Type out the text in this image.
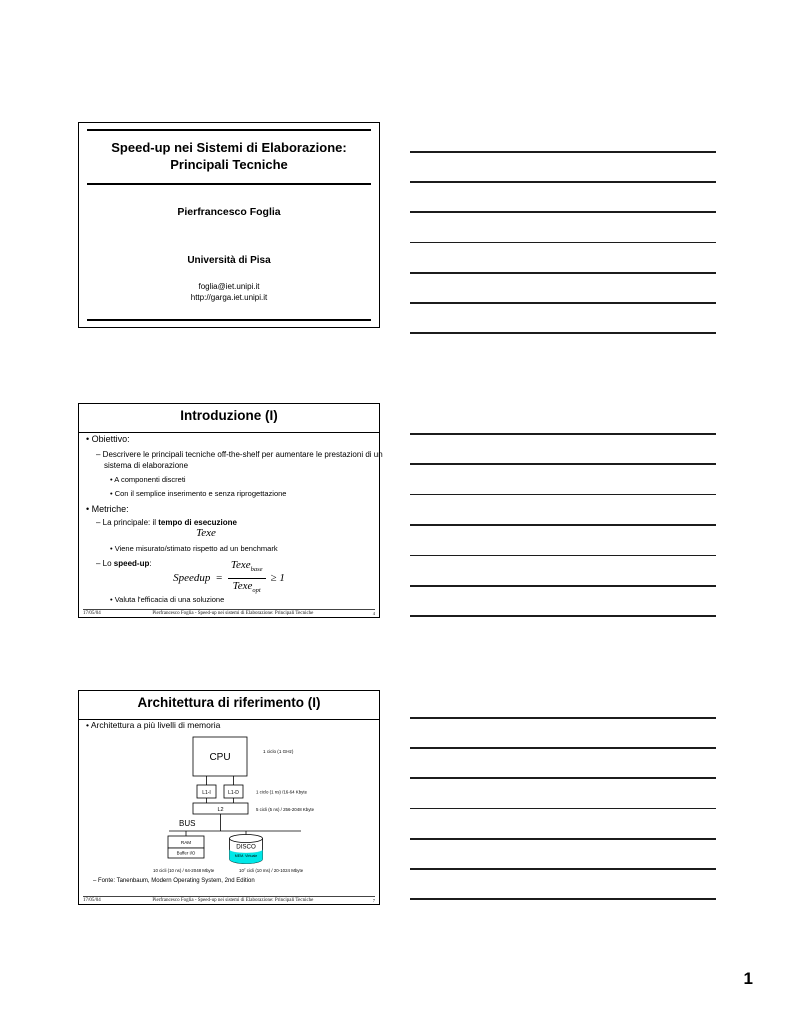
Speed-up nei Sistemi di Elaborazione:
Principali Tecniche
Pierfrancesco Foglia
Università di Pisa
foglia@iet.unipi.it
http://garga.iet.unipi.it
Introduzione (I)
• Obiettivo:
– Descrivere le principali tecniche off-the-shelf per aumentare le prestazioni di un sistema di elaborazione
• A componenti discreti
• Con il semplice inserimento e senza riprogettazione
• Metriche:
– La principale: il tempo di esecuzione
Texe
• Viene misurato/stimato rispetto ad un benchmark
– Lo speed-up:
Speedup = $\frac{Texe_{base}}{Texe_{opt}} \ge 1$
• Valuta l'efficacia di una soluzione
17/05/04	Pierfrancesco Foglia - Speed-up nei sistemi di Elaborazione: Principali Tecniche	4
Architettura di riferimento (I)
• Architettura a più livelli di memoria
CPU
1 ciclo (1 GHz)
L1-I	L1-D	1 ciclo (1 ns) /16-64 Kbyte
L2	5 cicli (5 ns) / 256-2048 Kbyte
BUS
RAM
Buffer I/O
DISCO
MEM. Virtuale
10 cicli (10 ns) / 64-2048 Mbyte	$10^7$ cicli (10 ms) / 20-1024 Mbyte
– Fonte: Tanenbaum, Modern Operating System, 2nd Edition
17/05/04	Pierfrancesco Foglia - Speed-up nei sistemi di Elaborazione: Principali Tecniche	7
1
